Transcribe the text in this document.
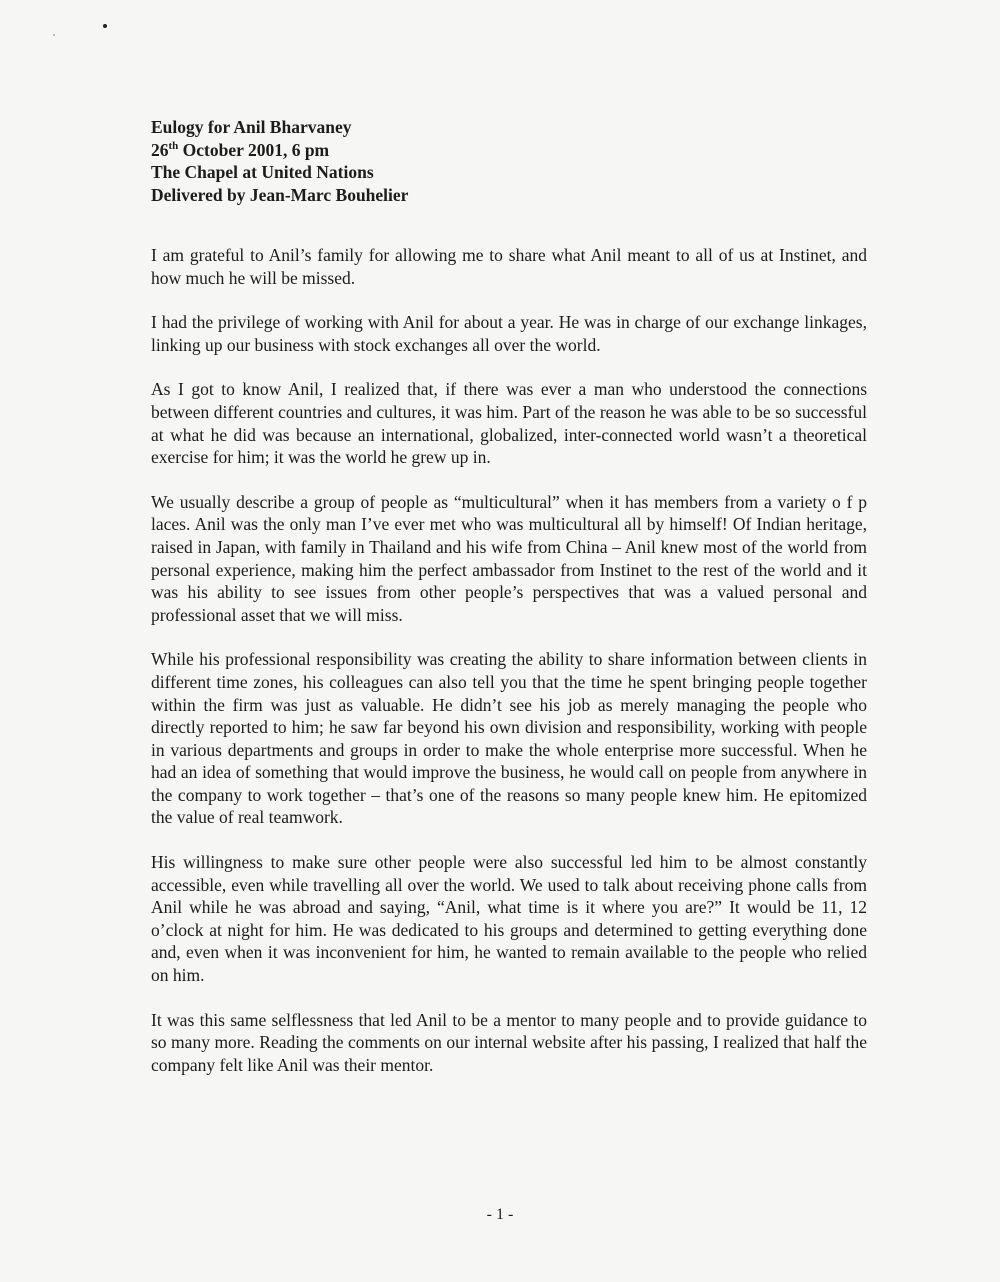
Eulogy for Anil Bharvaney
26th October 2001, 6 pm
The Chapel at United Nations
Delivered by Jean-Marc Bouhelier

I am grateful to Anil’s family for allowing me to share what Anil meant to all of us at Instinet, and how much he will be missed.

I had the privilege of working with Anil for about a year. He was in charge of our exchange linkages, linking up our business with stock exchanges all over the world.

As I got to know Anil, I realized that, if there was ever a man who understood the connections between different countries and cultures, it was him. Part of the reason he was able to be so successful at what he did was because an international, globalized, inter-connected world wasn’t a theoretical exercise for him; it was the world he grew up in.

We usually describe a group of people as “multicultural” when it has members from a variety o f p laces. Anil was the only man I’ve ever met who was multicultural all by himself! Of Indian heritage, raised in Japan, with family in Thailand and his wife from China – Anil knew most of the world from personal experience, making him the perfect ambassador from Instinet to the rest of the world and it was his ability to see issues from other people’s perspectives that was a valued personal and professional asset that we will miss.

While his professional responsibility was creating the ability to share information between clients in different time zones, his colleagues can also tell you that the time he spent bringing people together within the firm was just as valuable. He didn’t see his job as merely managing the people who directly reported to him; he saw far beyond his own division and responsibility, working with people in various departments and groups in order to make the whole enterprise more successful. When he had an idea of something that would improve the business, he would call on people from anywhere in the company to work together – that’s one of the reasons so many people knew him. He epitomized the value of real teamwork.

His willingness to make sure other people were also successful led him to be almost constantly accessible, even while travelling all over the world. We used to talk about receiving phone calls from Anil while he was abroad and saying, “Anil, what time is it where you are?” It would be 11, 12 o’clock at night for him. He was dedicated to his groups and determined to getting everything done and, even when it was inconvenient for him, he wanted to remain available to the people who relied on him.

It was this same selflessness that led Anil to be a mentor to many people and to provide guidance to so many more. Reading the comments on our internal website after his passing, I realized that half the company felt like Anil was their mentor.

- 1 -
